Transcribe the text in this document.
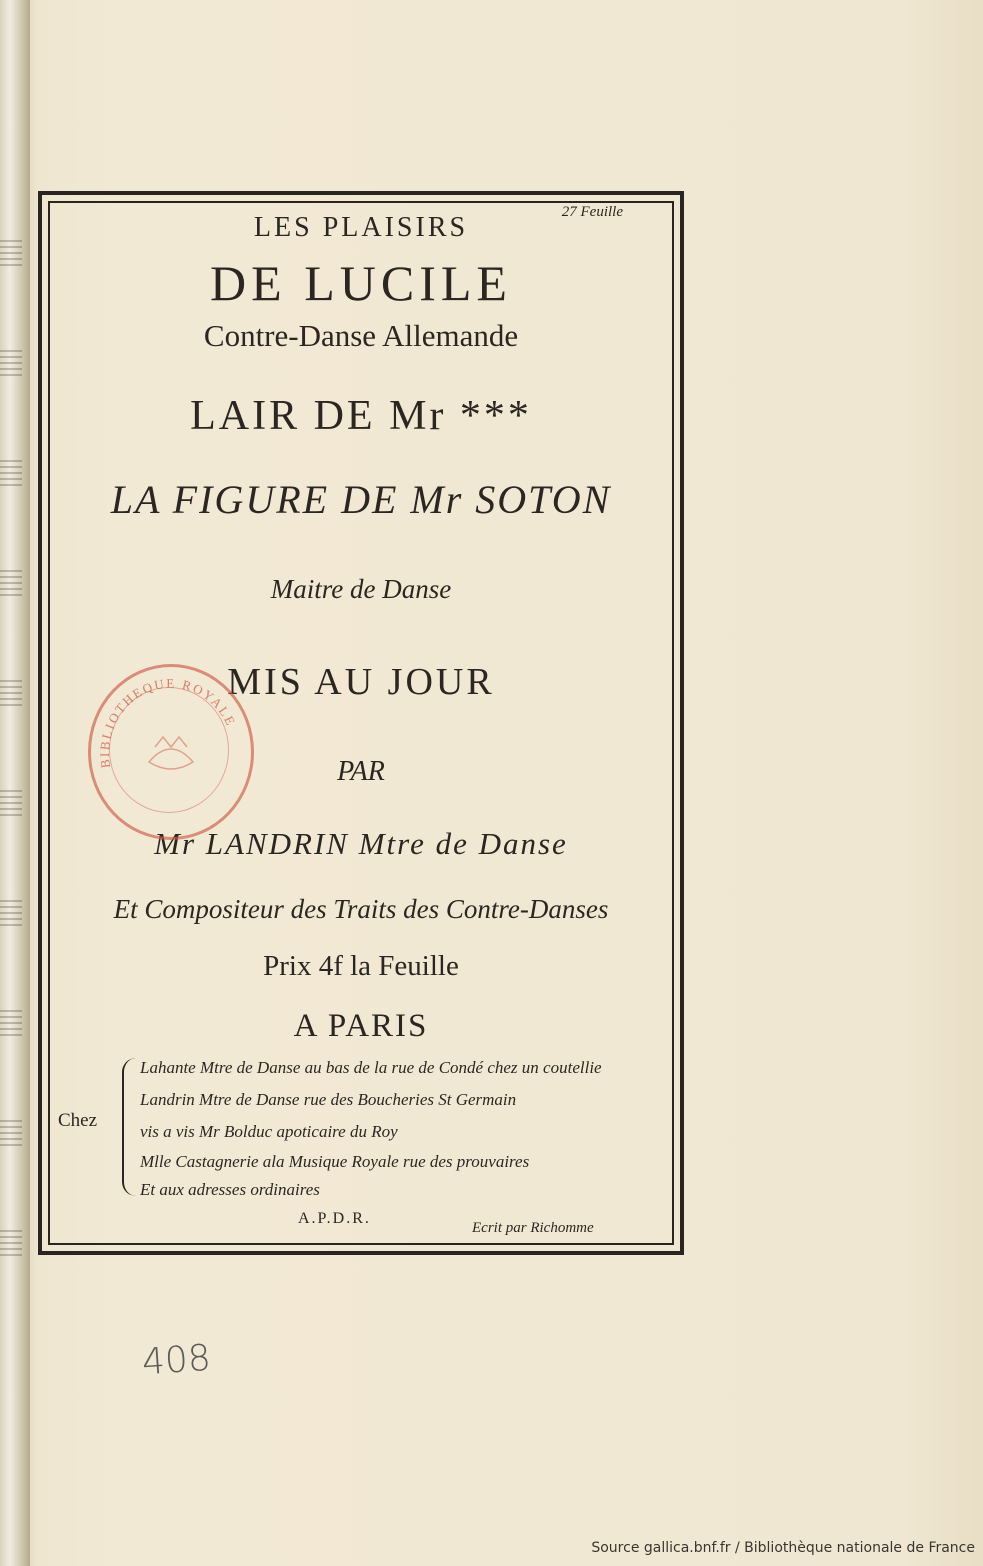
27 Feuille
LES PLAISIRS
DE LUCILE
Contre-Danse Allemande
LAIR DE Mr ***
LA FIGURE DE Mr SOTON
Maitre de Danse
MIS AU JOUR
PAR
Mr LANDRIN Mtre de Danse
Et Compositeur des Traits des Contre-Danses
Prix 4f la Feuille
A PARIS
Chez
Lahante Mtre de Danse au bas de la rue de Condé chez un coutellie
Landrin Mtre de Danse rue des Boucheries St Germain
vis a vis Mr Bolduc apoticaire du Roy
Mlle Castagnerie ala Musique Royale rue des prouvaires
Et aux adresses ordinaires
A.P.D.R.
Ecrit par Richomme
BIBLIOTHEQUE ROYALE
408
Source gallica.bnf.fr / Bibliothèque nationale de France
